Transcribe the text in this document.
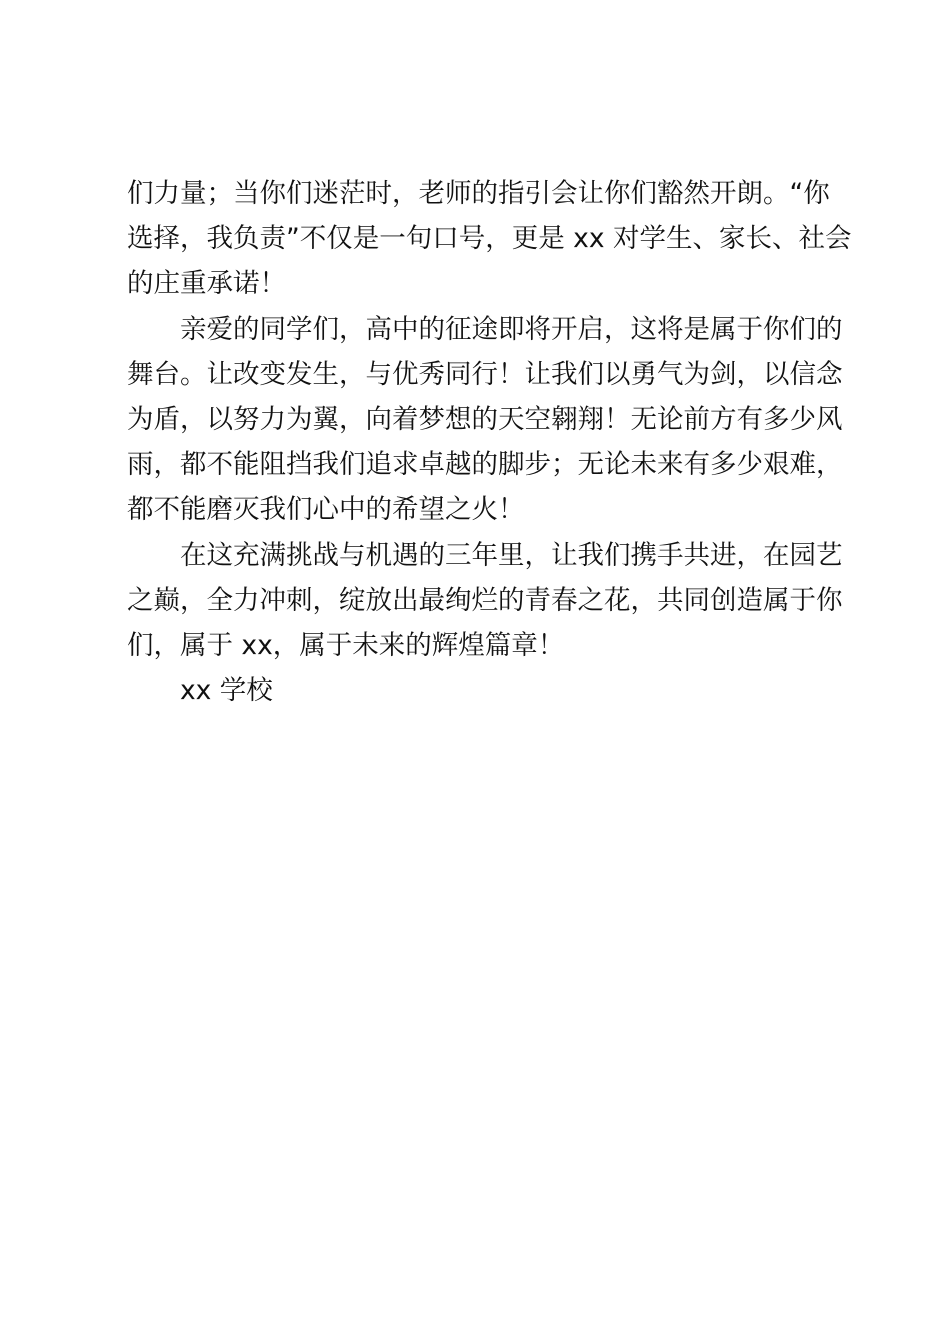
们力量；当你们迷茫时，老师的指引会让你们豁然开朗。“你
选择，我负责”不仅是一句口号，更是 xx 对学生、家长、社会
的庄重承诺！

亲爱的同学们，高中的征途即将开启，这将是属于你们的
舞台。让改变发生，与优秀同行！让我们以勇气为剑，以信念
为盾，以努力为翼，向着梦想的天空翱翔！无论前方有多少风
雨，都不能阻挡我们追求卓越的脚步；无论未来有多少艰难，
都不能磨灭我们心中的希望之火！

在这充满挑战与机遇的三年里，让我们携手共进，在园艺
之巅，全力冲刺，绽放出最绚烂的青春之花，共同创造属于你
们，属于 xx，属于未来的辉煌篇章！

xx 学校
